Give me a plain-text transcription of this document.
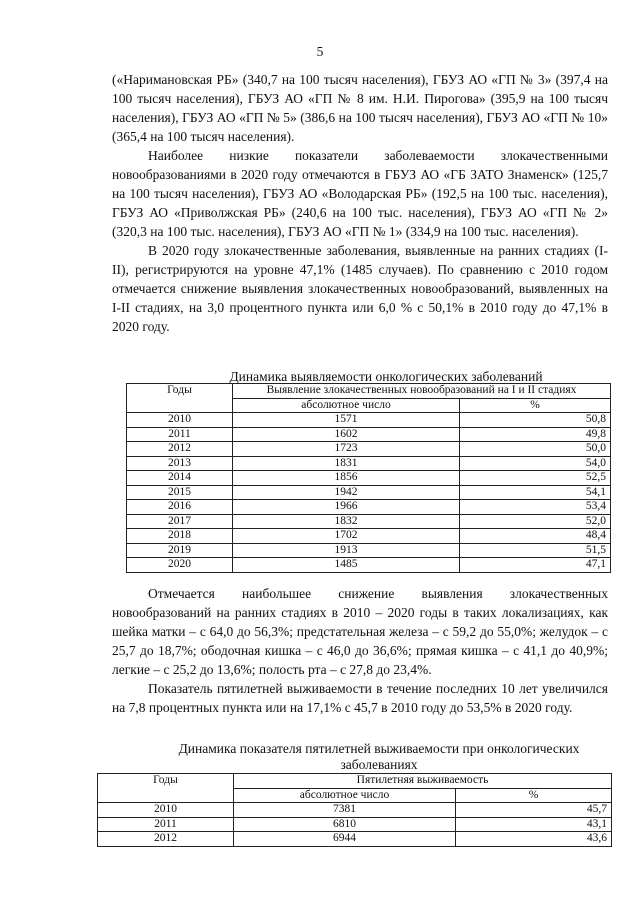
5

(«Наримановская РБ» (340,7 на 100 тысяч населения), ГБУЗ АО «ГП № 3» (397,4 на 100 тысяч населения), ГБУЗ АО «ГП № 8 им. Н.И. Пирогова» (395,9 на 100 тысяч населения), ГБУЗ АО «ГП № 5» (386,6 на 100 тысяч населения), ГБУЗ АО «ГП № 10» (365,4 на 100 тысяч населения).

Наиболее низкие показатели заболеваемости злокачественными новообразованиями в 2020 году отмечаются в ГБУЗ АО «ГБ ЗАТО Знаменск» (125,7 на 100 тысяч населения), ГБУЗ АО «Володарская РБ» (192,5 на 100 тыс. населения), ГБУЗ АО «Приволжская РБ» (240,6 на 100 тыс. населения), ГБУЗ АО «ГП № 2» (320,3 на 100 тыс. населения), ГБУЗ АО «ГП № 1» (334,9 на 100 тыс. населения).

В 2020 году злокачественные заболевания, выявленные на ранних стадиях (I-II), регистрируются на уровне 47,1% (1485 случаев). По сравнению с 2010 годом отмечается снижение выявления злокачественных новообразований, выявленных на I-II стадиях, на 3,0 процентного пункта или 6,0 % с 50,1% в 2010 году до 47,1% в 2020 году.

Динамика выявляемости онкологических заболеваний
Годы	Выявление злокачественных новообразований на I и II стадиях	
	абсолютное число	%
2010	1571	50,8
2011	1602	49,8
2012	1723	50,0
2013	1831	54,0
2014	1856	52,5
2015	1942	54,1
2016	1966	53,4
2017	1832	52,0
2018	1702	48,4
2019	1913	51,5
2020	1485	47,1

Отмечается наибольшее снижение выявления злокачественных новообразований на ранних стадиях в 2010 – 2020 годы в таких локализациях, как шейка матки – с 64,0 до 56,3%; предстательная железа – с 59,2 до 55,0%; желудок – с 25,7 до 18,7%; ободочная кишка – с 46,0 до 36,6%; прямая кишка – с 41,1 до 40,9%; легкие – с 25,2 до 13,6%; полость рта – с 27,8 до 23,4%.

Показатель пятилетней выживаемости в течение последних 10 лет увеличился на 7,8 процентных пункта или на 17,1% с 45,7 в 2010 году до 53,5% в 2020 году.

Динамика показателя пятилетней выживаемости при онкологических заболеваниях
Годы	Пятилетняя выживаемость	
	абсолютное число	%
2010	7381	45,7
2011	6810	43,1
2012	6944	43,6
